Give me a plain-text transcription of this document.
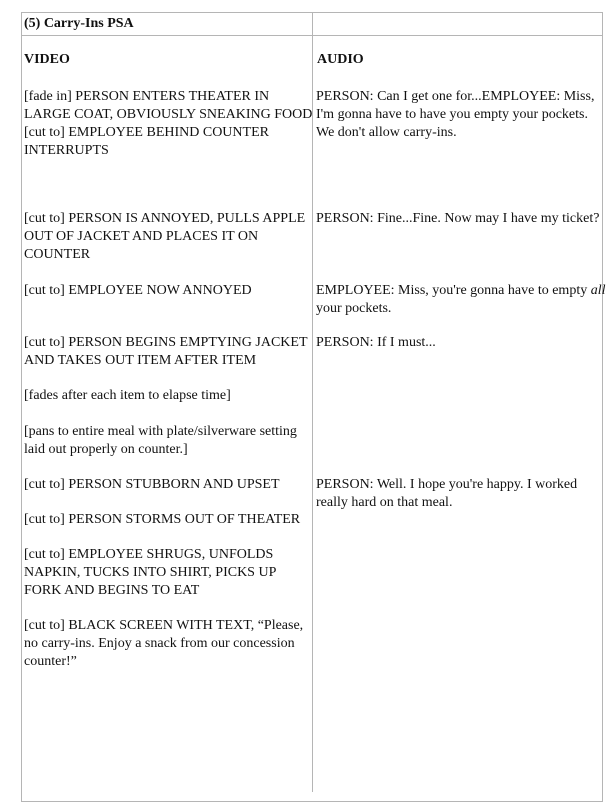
(5) Carry-Ins PSA
VIDEO	AUDIO
[fade in] PERSON ENTERS THEATER IN
LARGE COAT, OBVIOUSLY SNEAKING FOOD
[cut to] EMPLOYEE BEHIND COUNTER
INTERRUPTS
[cut to] PERSON IS ANNOYED, PULLS APPLE
OUT OF JACKET AND PLACES IT ON
COUNTER
[cut to] EMPLOYEE NOW ANNOYED
[cut to] PERSON BEGINS EMPTYING JACKET
AND TAKES OUT ITEM AFTER ITEM
[fades after each item to elapse time]
[pans to entire meal with plate/silverware setting
laid out properly on counter.]
[cut to] PERSON STUBBORN AND UPSET
[cut to] PERSON STORMS OUT OF THEATER
[cut to] EMPLOYEE SHRUGS, UNFOLDS
NAPKIN, TUCKS INTO SHIRT, PICKS UP
FORK AND BEGINS TO EAT
[cut to] BLACK SCREEN WITH TEXT, “Please,
no carry-ins. Enjoy a snack from our concession
counter!”
PERSON: Can I get one for...EMPLOYEE: Miss,
I'm gonna have to have you empty your pockets.
We don't allow carry-ins.
PERSON: Fine...Fine. Now may I have my ticket?
EMPLOYEE: Miss, you're gonna have to empty all
your pockets.
PERSON: If I must...
PERSON: Well. I hope you're happy. I worked
really hard on that meal.
